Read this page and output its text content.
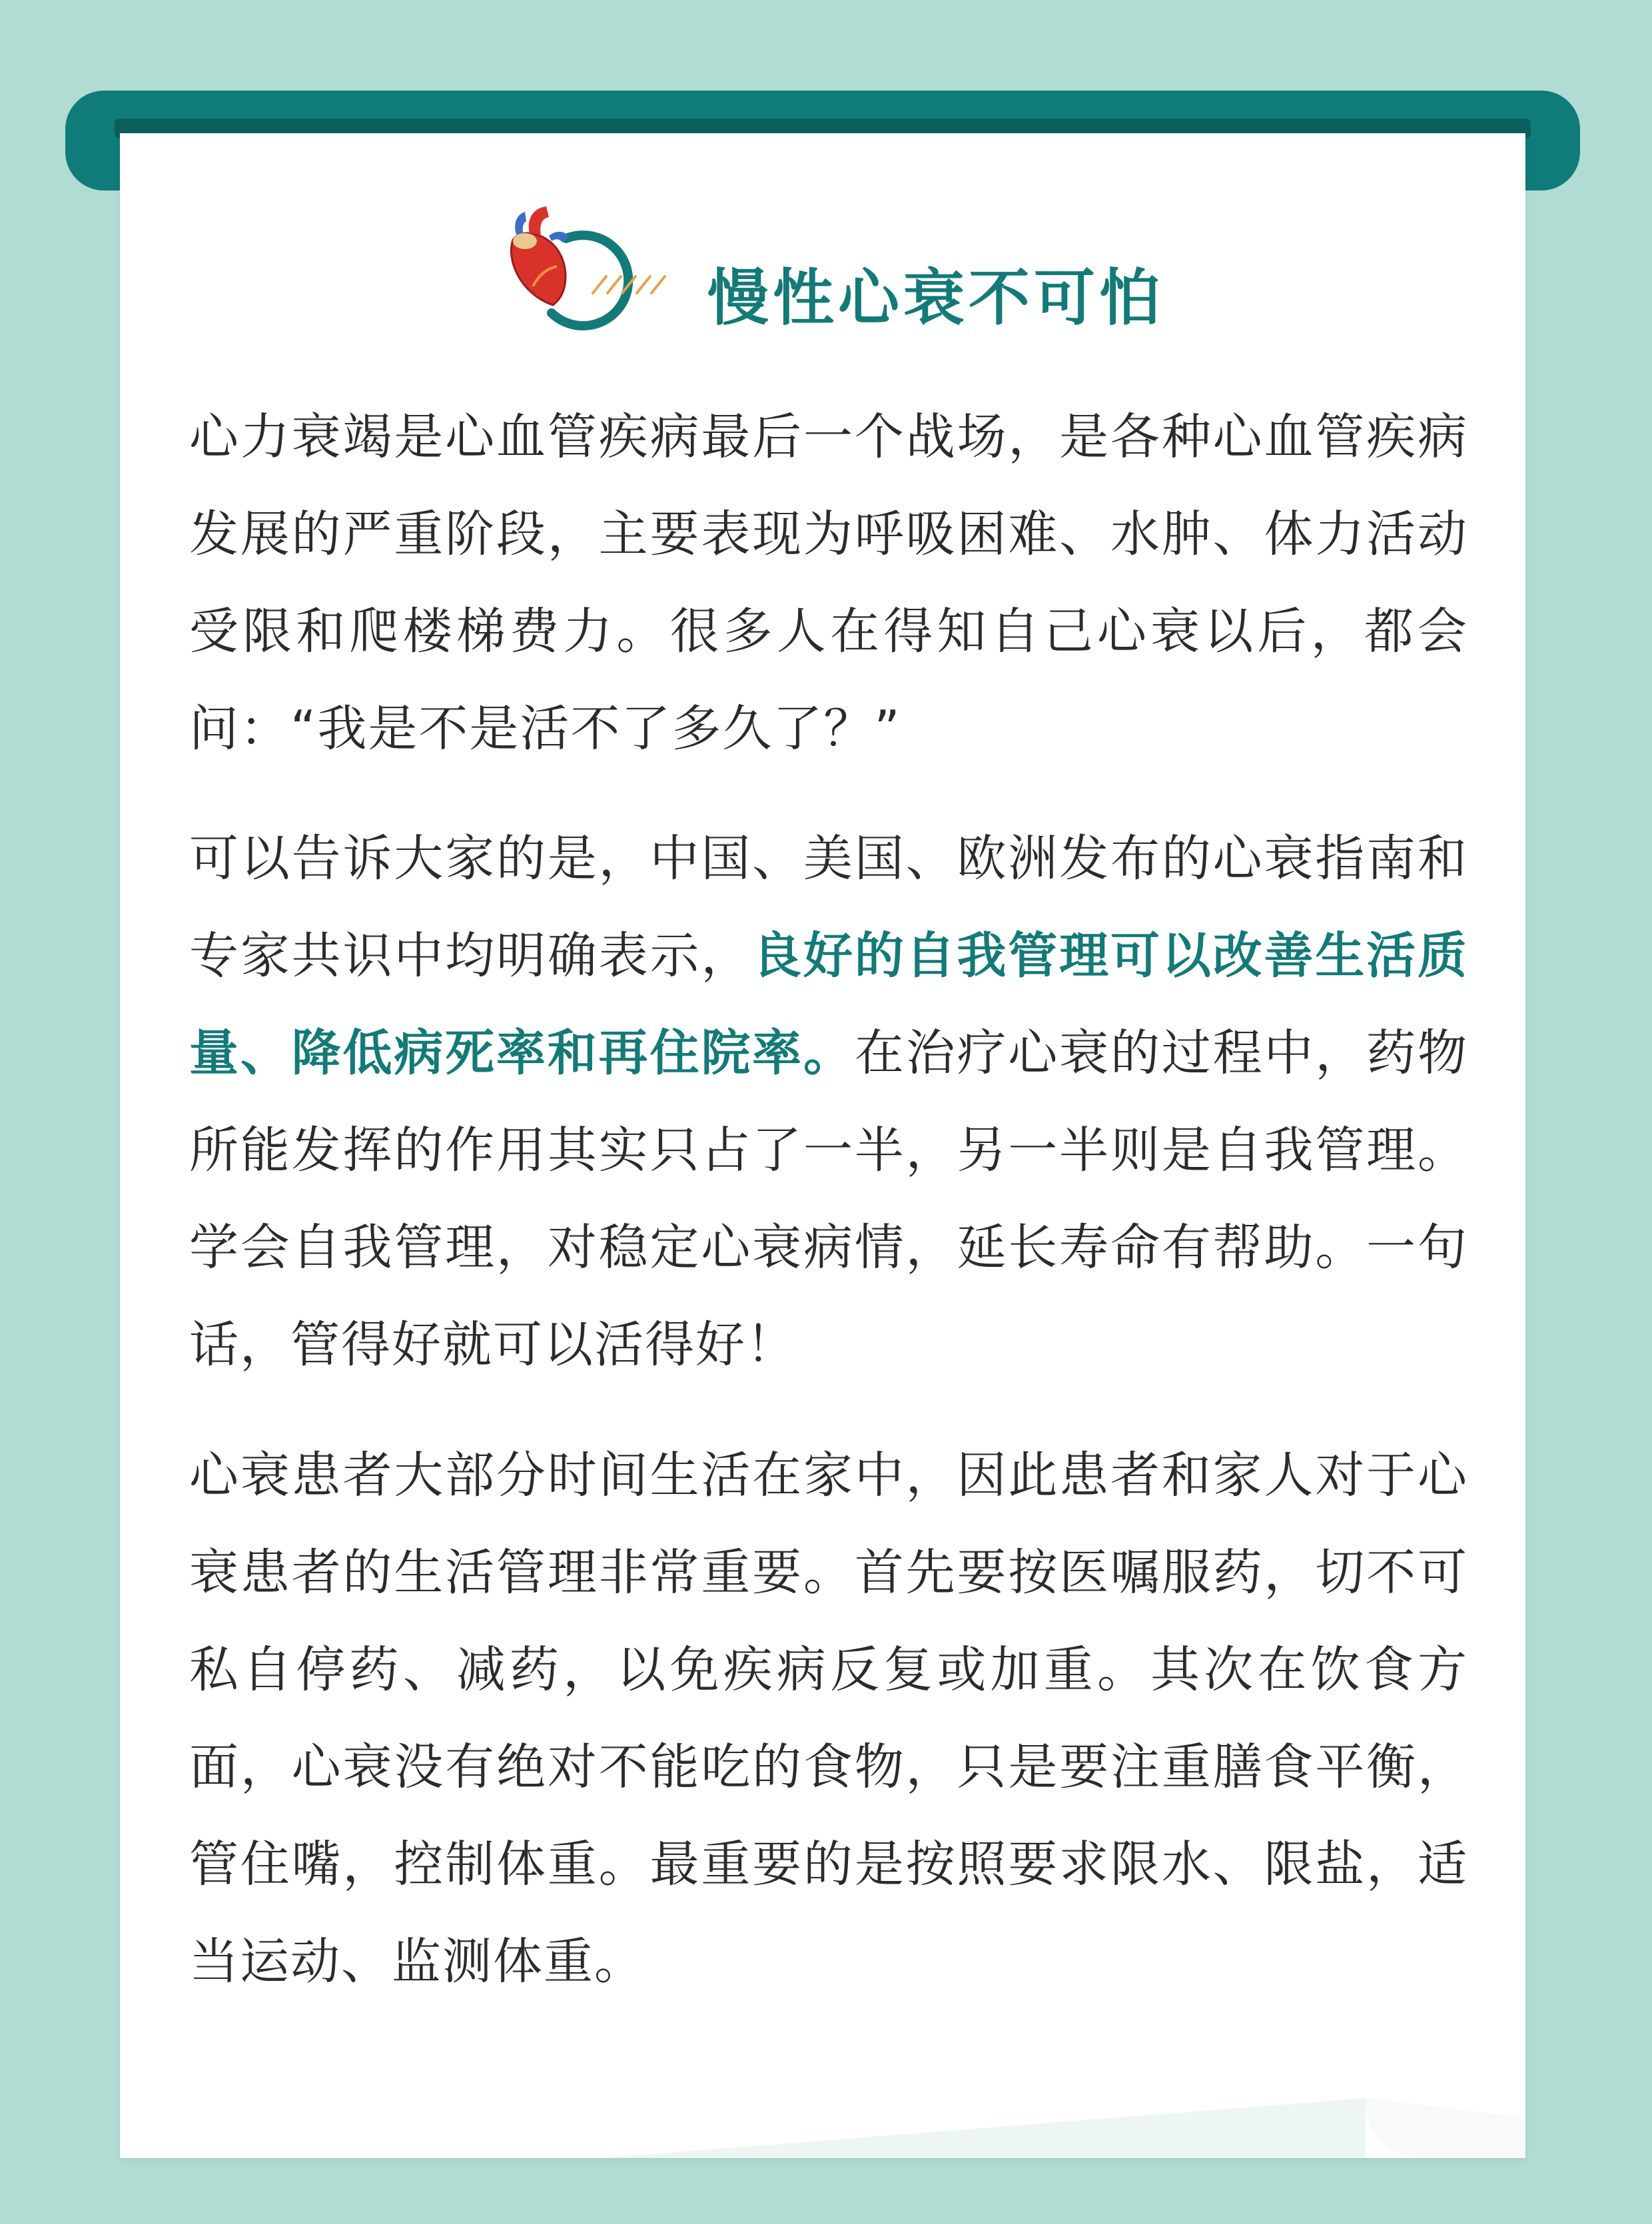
慢性心衰不可怕
心力衰竭是心血管疾病最后一个战场，是各种心血管疾病发展的严重阶段，主要表现为呼吸困难、水肿、体力活动受限和爬楼梯费力。很多人在得知自己心衰以后，都会问：“我是不是活不了多久了？”
可以告诉大家的是，中国、美国、欧洲发布的心衰指南和专家共识中均明确表示，良好的自我管理可以改善生活质量、降低病死率和再住院率。在治疗心衰的过程中，药物所能发挥的作用其实只占了一半，另一半则是自我管理。学会自我管理，对稳定心衰病情，延长寿命有帮助。一句话，管得好就可以活得好！
心衰患者大部分时间生活在家中，因此患者和家人对于心衰患者的生活管理非常重要。首先要按医嘱服药，切不可私自停药、减药，以免疾病反复或加重。其次在饮食方面，心衰没有绝对不能吃的食物，只是要注重膳食平衡，管住嘴，控制体重。最重要的是按照要求限水、限盐，适当运动、监测体重。
